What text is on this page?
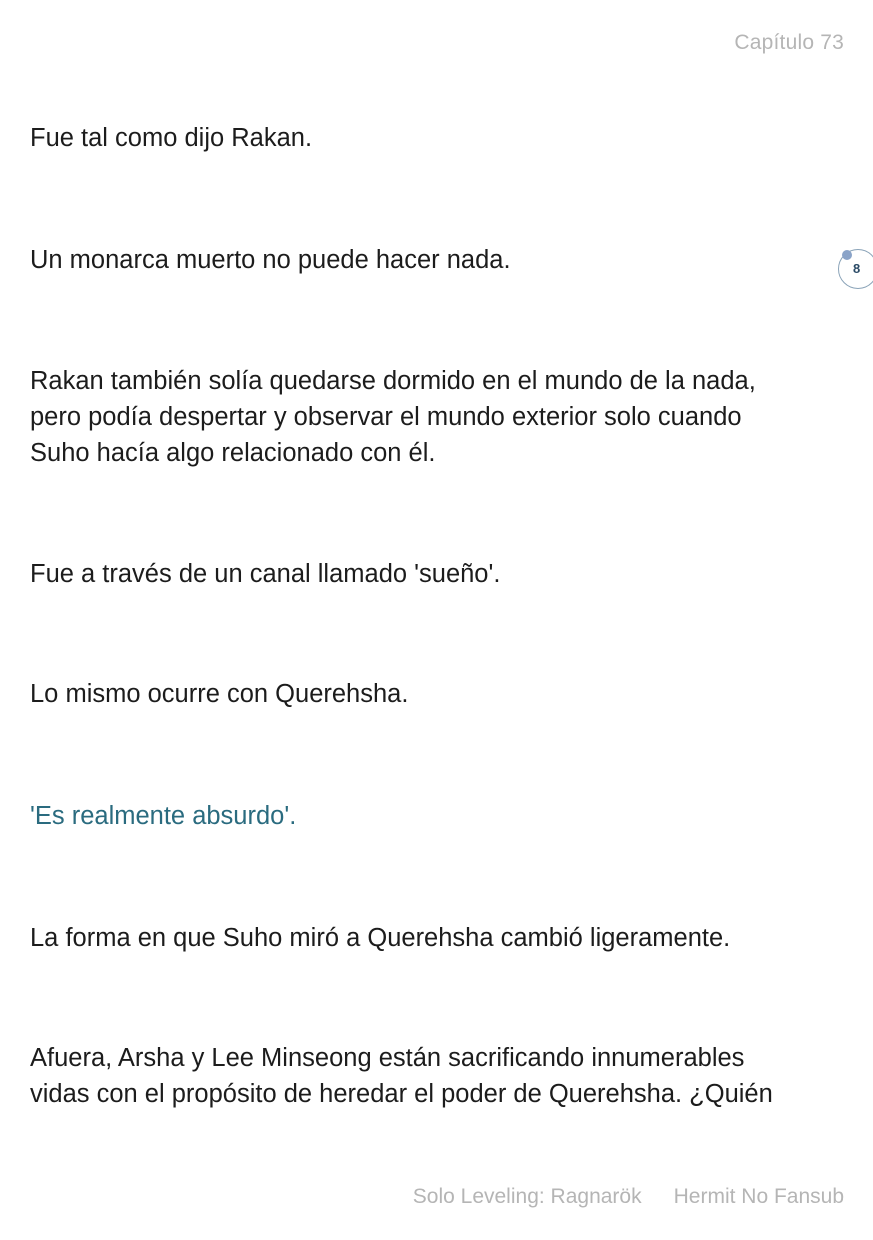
Capítulo 73

Fue tal como dijo Rakan.

Un monarca muerto no puede hacer nada.

Rakan también solía quedarse dormido en el mundo de la nada,
pero podía despertar y observar el mundo exterior solo cuando
Suho hacía algo relacionado con él.

Fue a través de un canal llamado 'sueño'.

Lo mismo ocurre con Querehsha.

'Es realmente absurdo'.

La forma en que Suho miró a Querehsha cambió ligeramente.

Afuera, Arsha y Lee Minseong están sacrificando innumerables
vidas con el propósito de heredar el poder de Querehsha. ¿Quién

8
Solo Leveling: Ragnarök Hermit No Fansub
